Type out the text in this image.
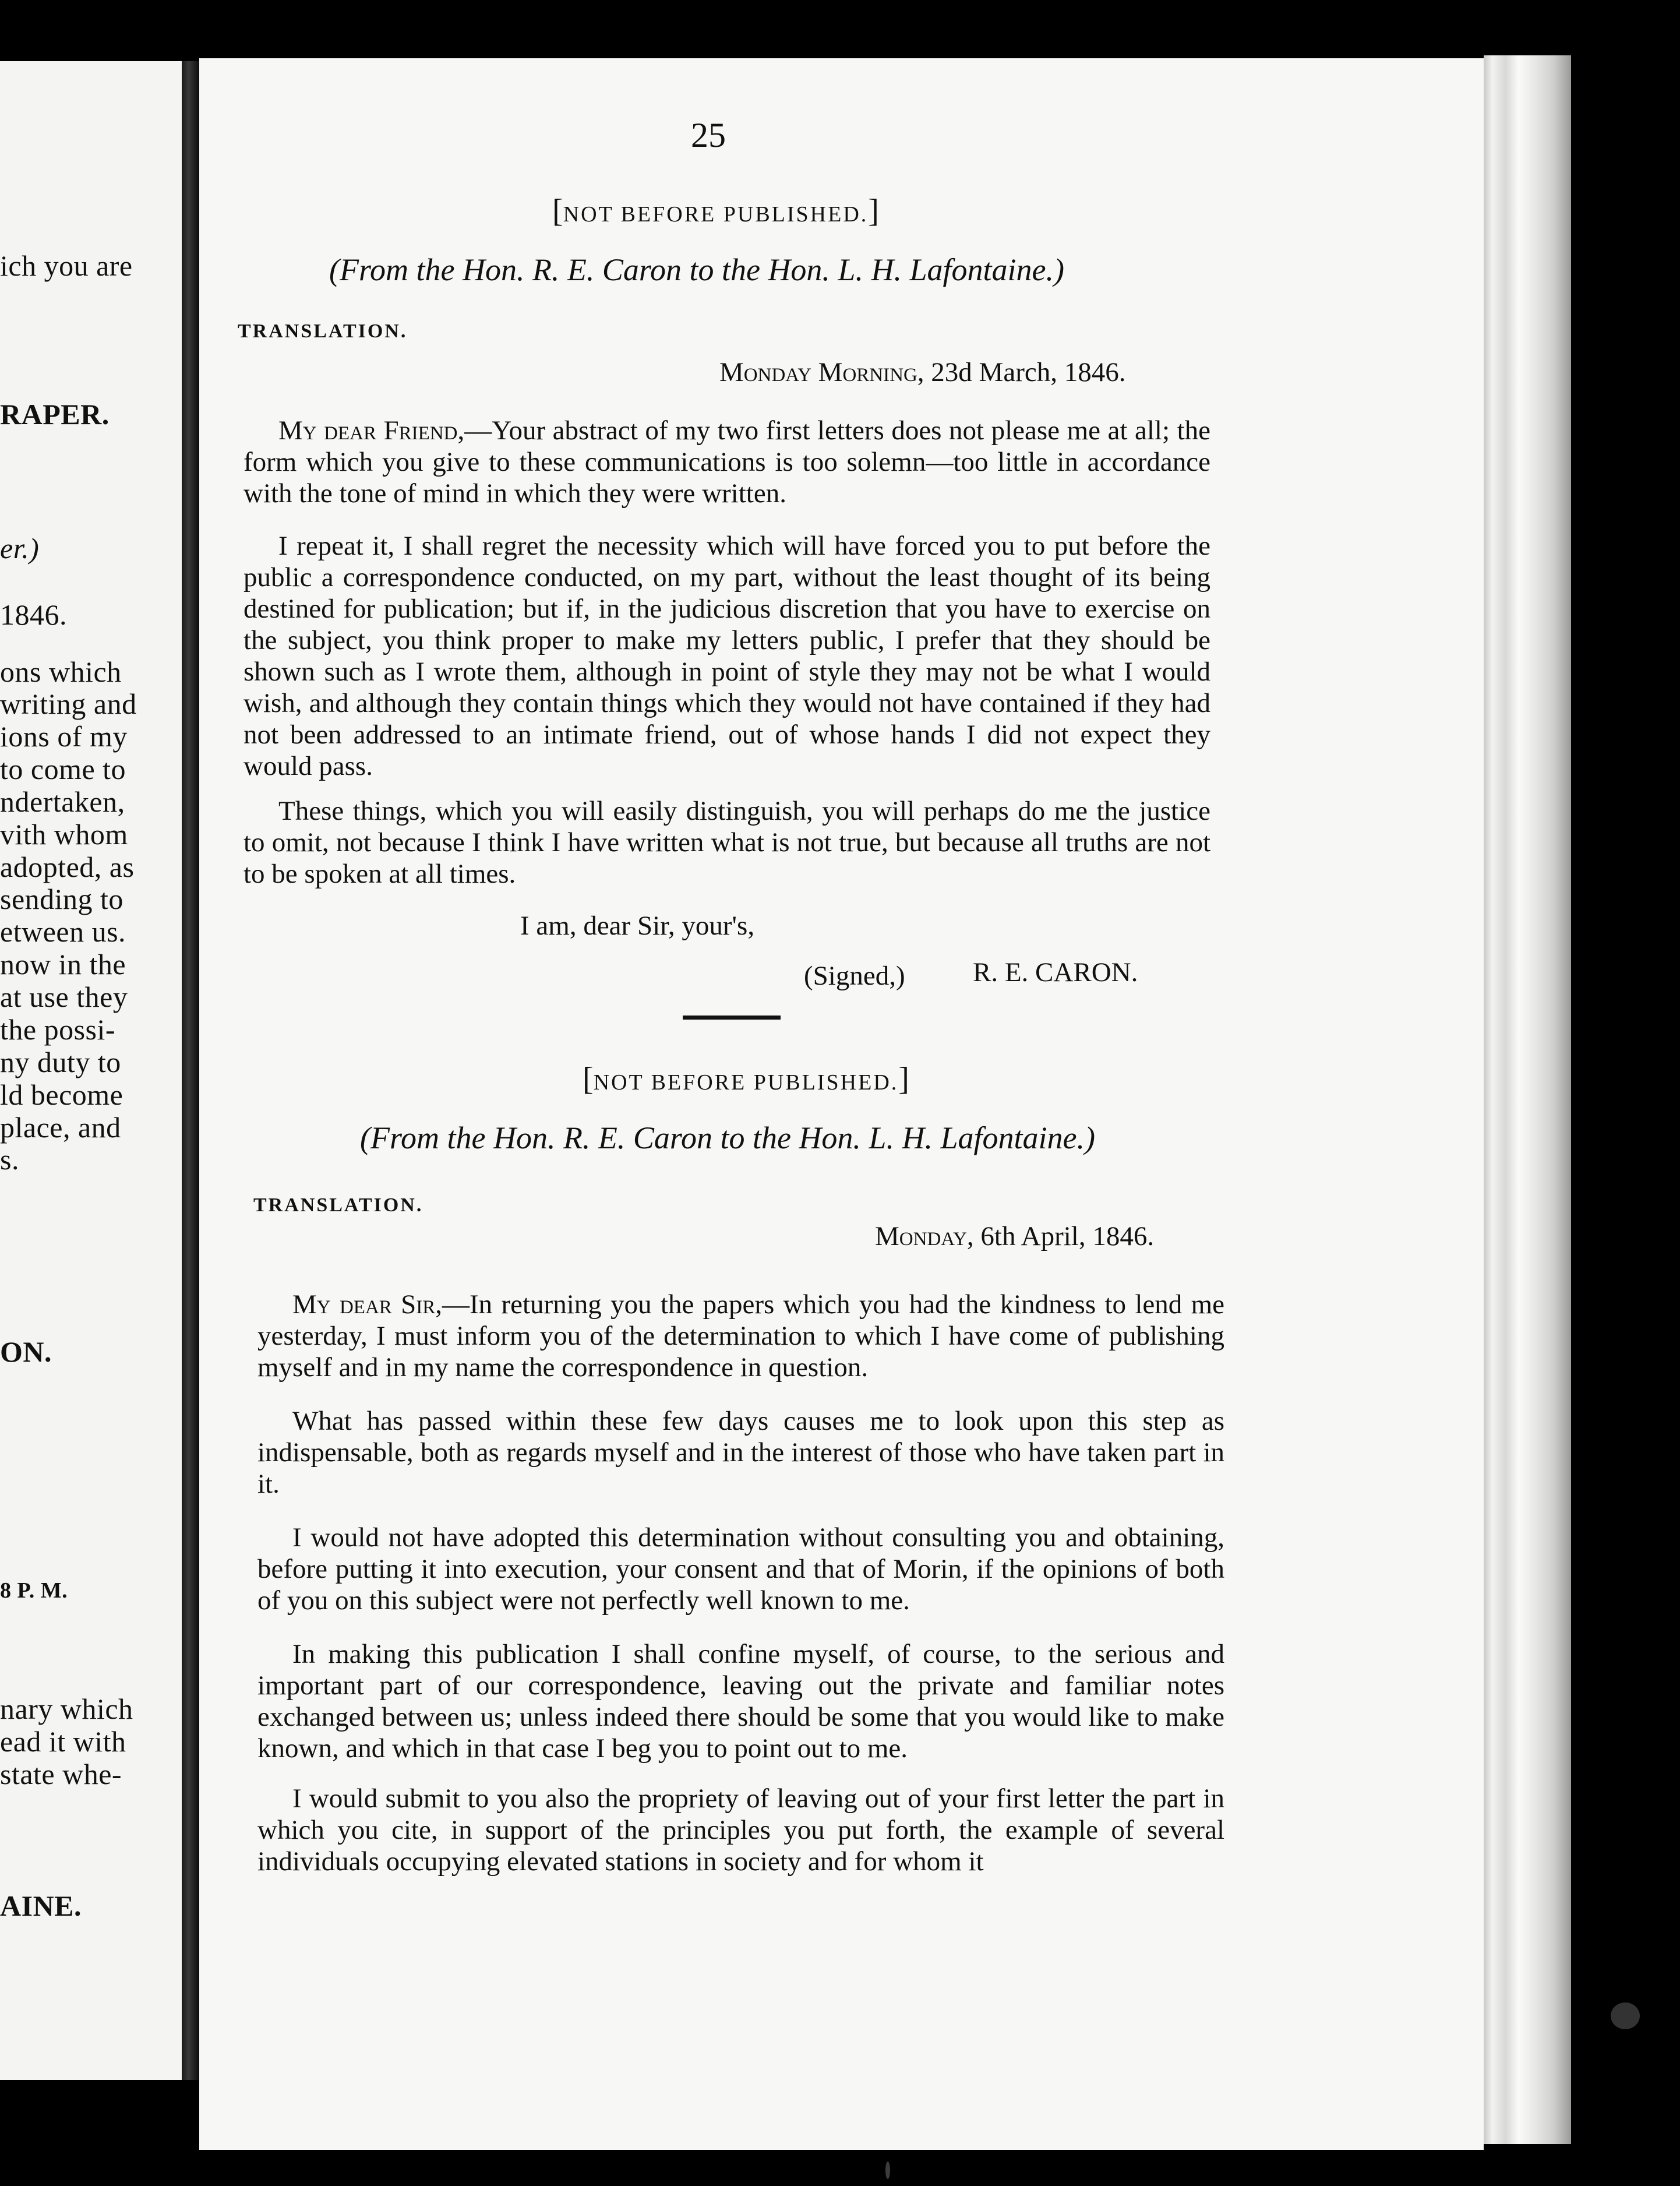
ich you are
RAPER.
er.)
1846.
ons which
writing and
ions of my
to come to
ndertaken,
vith whom
adopted, as
sending to
etween us.
now in the
at use they
the possi-
ny duty to
ld become
place, and
s.
ON.
8 P. M.
nary which
ead it with
state whe-
AINE.
25
[NOT BEFORE PUBLISHED.]
(From the Hon. R. E. Caron to the Hon. L. H. Lafontaine.)
TRANSLATION.
Monday Morning, 23d March, 1846.
My dear Friend,—Your abstract of my two first letters does not please me at all; the form which you give to these communications is too solemn—too little in accordance with the tone of mind in which they were written.
I repeat it, I shall regret the necessity which will have forced you to put before the public a correspondence conducted, on my part, without the least thought of its being destined for publication; but if, in the judicious discretion that you have to exercise on the subject, you think proper to make my letters public, I prefer that they should be shown such as I wrote them, although in point of style they may not be what I would wish, and although they contain things which they would not have contained if they had not been addressed to an intimate friend, out of whose hands I did not expect they would pass.
These things, which you will easily distinguish, you will perhaps do me the justice to omit, not because I think I have written what is not true, but because all truths are not to be spoken at all times.
I am, dear Sir, your's,
(Signed,) R. E. CARON.
[NOT BEFORE PUBLISHED.]
(From the Hon. R. E. Caron to the Hon. L. H. Lafontaine.)
TRANSLATION.
Monday, 6th April, 1846.
My dear Sir,—In returning you the papers which you had the kindness to lend me yesterday, I must inform you of the determination to which I have come of publishing myself and in my name the correspondence in question.
What has passed within these few days causes me to look upon this step as indispensable, both as regards myself and in the interest of those who have taken part in it.
I would not have adopted this determination without consulting you and obtaining, before putting it into execution, your consent and that of Morin, if the opinions of both of you on this subject were not perfectly well known to me.
In making this publication I shall confine myself, of course, to the serious and important part of our correspondence, leaving out the private and familiar notes exchanged between us; unless indeed there should be some that you would like to make known, and which in that case I beg you to point out to me.
I would submit to you also the propriety of leaving out of your first letter the part in which you cite, in support of the principles you put forth, the example of several individuals occupying elevated stations in society and for whom it
